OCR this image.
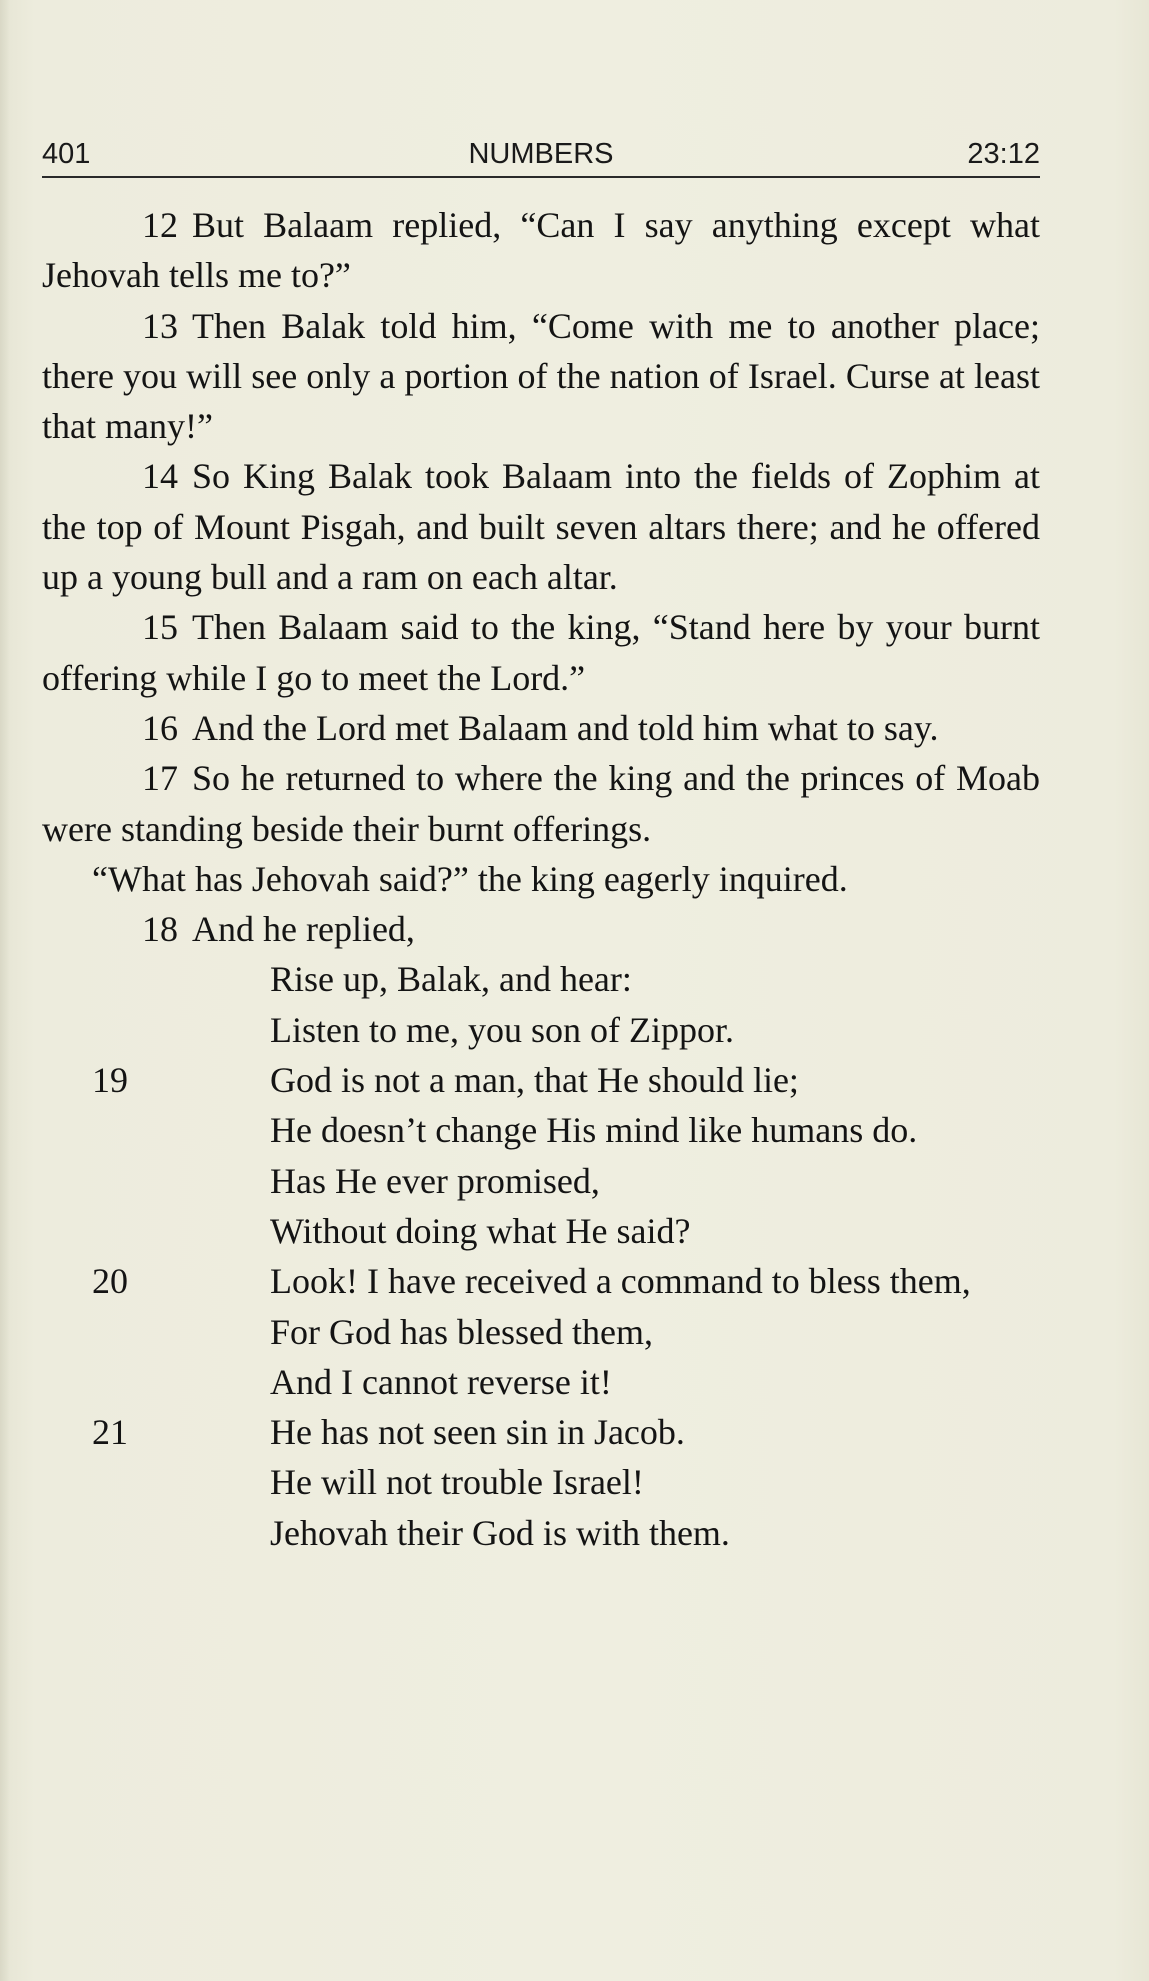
NUMBERS
401	23:12

12 But Balaam replied, “Can I say anything except what Jehovah tells me to?”

13 Then Balak told him, “Come with me to another place; there you will see only a portion of the nation of Israel. Curse at least that many!”

14 So King Balak took Balaam into the fields of Zophim at the top of Mount Pisgah, and built seven altars there; and he offered up a young bull and a ram on each altar.

15 Then Balaam said to the king, “Stand here by your burnt offering while I go to meet the Lord.”

16 And the Lord met Balaam and told him what to say.

17 So he returned to where the king and the princes of Moab were standing beside their burnt offerings.

“What has Jehovah said?” the king eagerly inquired.

18 And he replied,

Rise up, Balak, and hear:
Listen to me, you son of Zippor.
19	God is not a man, that He should lie;
He doesn’t change His mind like humans do.
Has He ever promised,
Without doing what He said?
20	Look! I have received a command to bless them,
For God has blessed them,
And I cannot reverse it!
21	He has not seen sin in Jacob.
He will not trouble Israel!
Jehovah their God is with them.
